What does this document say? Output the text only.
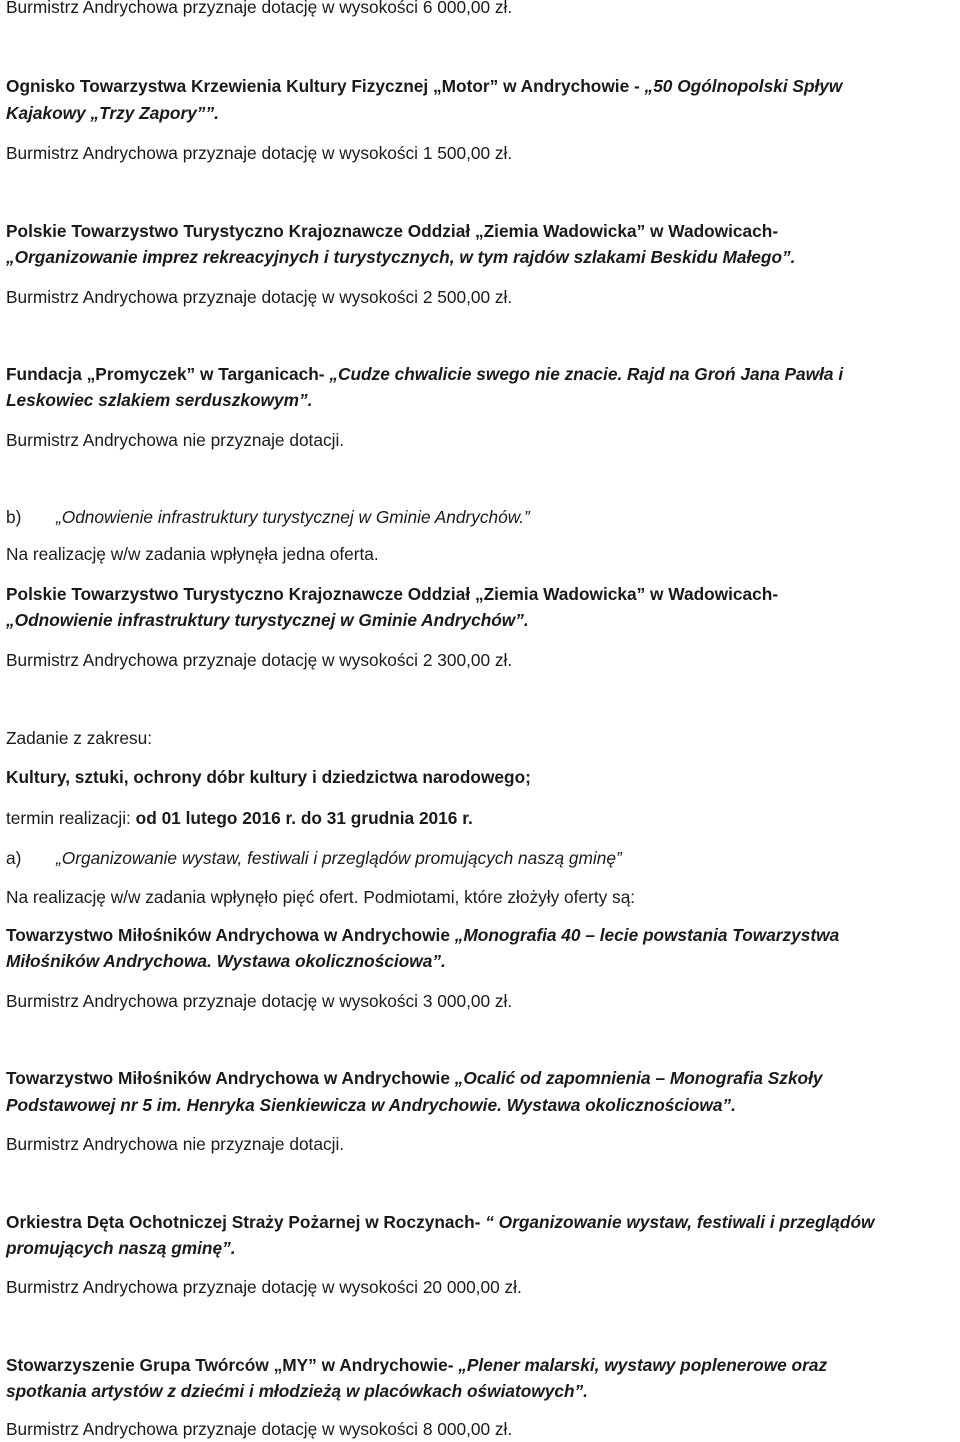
Burmistrz Andrychowa przyznaje dotację w wysokości 6 000,00 zł.
Ognisko Towarzystwa Krzewienia Kultury Fizycznej „Motor” w Andrychowie - „50 Ogólnopolski Spływ
Kajakowy „Trzy Zapory””.
Burmistrz Andrychowa przyznaje dotację w wysokości 1 500,00 zł.
Polskie Towarzystwo Turystyczno Krajoznawcze Oddział „Ziemia Wadowicka” w Wadowicach-
„Organizowanie imprez rekreacyjnych i turystycznych, w tym rajdów szlakami Beskidu Małego”.
Burmistrz Andrychowa przyznaje dotację w wysokości 2 500,00 zł.
Fundacja „Promyczek” w Targanicach- „Cudze chwalicie swego nie znacie. Rajd na Groń Jana Pawła i
Leskowiec szlakiem serduszkowym”.
Burmistrz Andrychowa nie przyznaje dotacji.
b) „Odnowienie infrastruktury turystycznej w Gminie Andrychów.”
Na realizację w/w zadania wpłynęła jedna oferta.
Polskie Towarzystwo Turystyczno Krajoznawcze Oddział „Ziemia Wadowicka” w Wadowicach-
„Odnowienie infrastruktury turystycznej w Gminie Andrychów”.
Burmistrz Andrychowa przyznaje dotację w wysokości 2 300,00 zł.
Zadanie z zakresu:
Kultury, sztuki, ochrony dóbr kultury i dziedzictwa narodowego;
termin realizacji: od 01 lutego 2016 r. do 31 grudnia 2016 r.
a) „Organizowanie wystaw, festiwali i przeglądów promujących naszą gminę”
Na realizację w/w zadania wpłynęło pięć ofert. Podmiotami, które złożyły oferty są:
Towarzystwo Miłośników Andrychowa w Andrychowie „Monografia 40 – lecie powstania Towarzystwa
Miłośników Andrychowa. Wystawa okolicznościowa”.
Burmistrz Andrychowa przyznaje dotację w wysokości 3 000,00 zł.
Towarzystwo Miłośników Andrychowa w Andrychowie „Ocalić od zapomnienia – Monografia Szkoły
Podstawowej nr 5 im. Henryka Sienkiewicza w Andrychowie. Wystawa okolicznościowa”.
Burmistrz Andrychowa nie przyznaje dotacji.
Orkiestra Dęta Ochotniczej Straży Pożarnej w Roczynach- “ Organizowanie wystaw, festiwali i przeglądów
promujących naszą gminę”.
Burmistrz Andrychowa przyznaje dotację w wysokości 20 000,00 zł.
Stowarzyszenie Grupa Twórców „MY” w Andrychowie- „Plener malarski, wystawy poplenerowe oraz
spotkania artystów z dziećmi i młodzieżą w placówkach oświatowych”.
Burmistrz Andrychowa przyznaje dotację w wysokości 8 000,00 zł.
